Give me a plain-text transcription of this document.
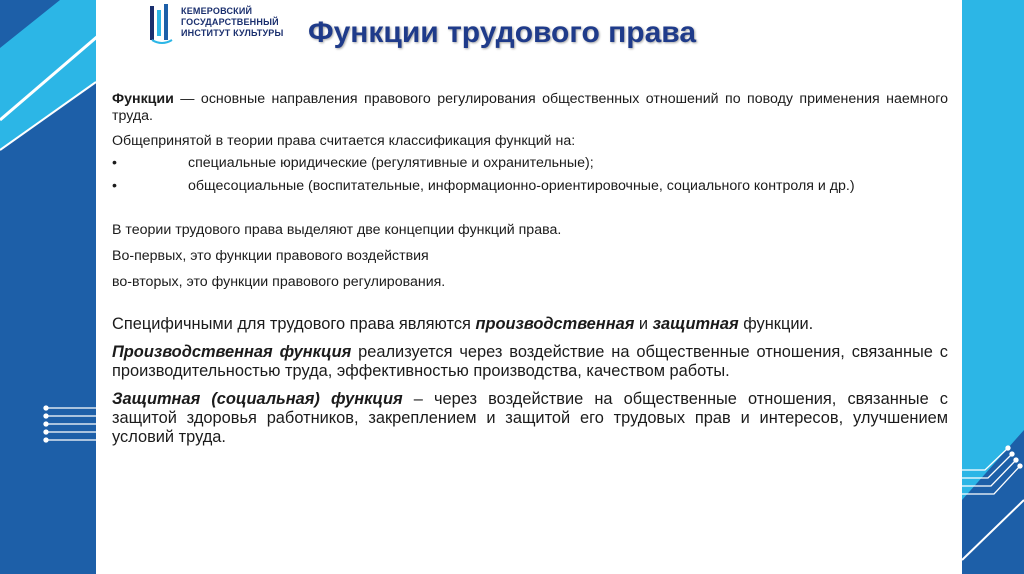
КЕМЕРОВСКИЙ
ГОСУДАРСТВЕННЫЙ
ИНСТИТУТ КУЛЬТУРЫ Функции трудового права

Функции — основные направления правового регулирования общественных отношений по поводу применения наемного труда.

Общепринятой в теории права считается классификация функций на:

•	специальные юридические (регулятивные и охранительные);
•	общесоциальные (воспитательные, информационно-ориентировочные, социального контроля и др.)

В теории трудового права выделяют две концепции функций права.

Во-первых, это функции правового воздействия

во-вторых, это функции правового регулирования.

Специфичными для трудового права являются производственная и защитная функции.

Производственная функция реализуется через воздействие на общественные отношения, связанные с производительностью труда, эффективностью производства, качеством работы.

Защитная (социальная) функция – через воздействие на общественные отношения, связанные с защитой здоровья работников, закреплением и защитой его трудовых прав и интересов, улучшением условий труда.
